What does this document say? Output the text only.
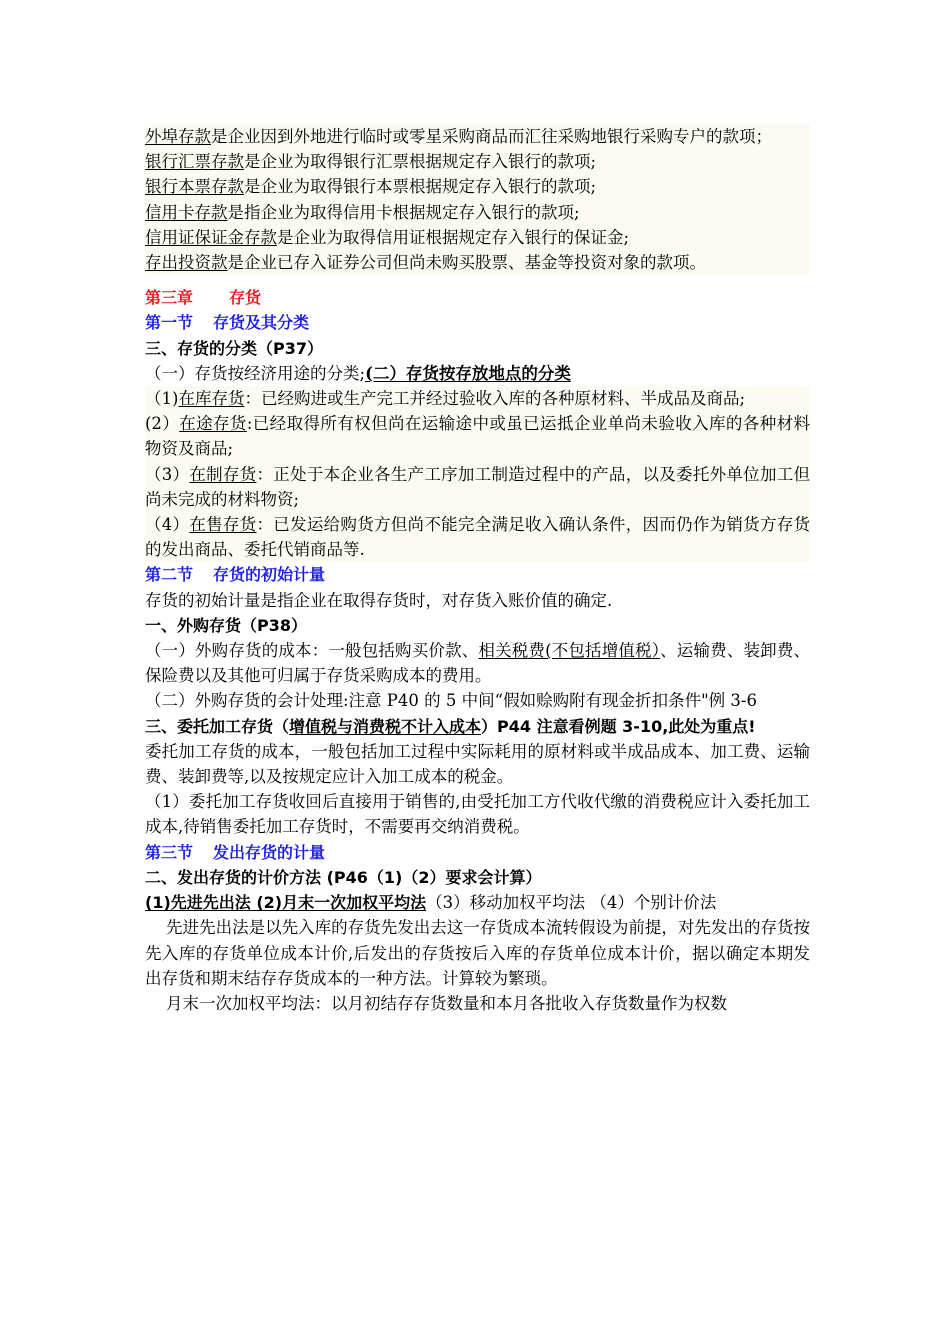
外埠存款是企业因到外地进行临时或零星采购商品而汇往采购地银行采购专户的款项；
银行汇票存款是企业为取得银行汇票根据规定存入银行的款项;
银行本票存款是企业为取得银行本票根据规定存入银行的款项;
信用卡存款是指企业为取得信用卡根据规定存入银行的款项;
信用证保证金存款是企业为取得信用证根据规定存入银行的保证金;
存出投资款是企业已存入证券公司但尚未购买股票、基金等投资对象的款项。
第三章 存货
第一节 存货及其分类
三、存货的分类（P37）
（一）存货按经济用途的分类;(二）存货按存放地点的分类
（1)在库存货：已经购进或生产完工并经过验收入库的各种原材料、半成品及商品;
(2）在途存货:已经取得所有权但尚在运输途中或虽已运抵企业单尚未验收入库的各种材料物资及商品;
（3）在制存货：正处于本企业各生产工序加工制造过程中的产品，以及委托外单位加工但尚未完成的材料物资;
（4）在售存货：已发运给购货方但尚不能完全满足收入确认条件，因而仍作为销货方存货的发出商品、委托代销商品等.
第二节 存货的初始计量
存货的初始计量是指企业在取得存货时，对存货入账价值的确定.
一、外购存货（P38）
（一）外购存货的成本：一般包括购买价款、相关税费(不包括增值税）、运输费、装卸费、保险费以及其他可归属于存货采购成本的费用。
（二）外购存货的会计处理:注意 P40 的 5 中间“假如赊购附有现金折扣条件"例 3-6
三、委托加工存货（增值税与消费税不计入成本）P44 注意看例题 3-10,此处为重点!
委托加工存货的成本，一般包括加工过程中实际耗用的原材料或半成品成本、加工费、运输费、装卸费等,以及按规定应计入加工成本的税金。
（1）委托加工存货收回后直接用于销售的,由受托加工方代收代缴的消费税应计入委托加工成本,待销售委托加工存货时，不需要再交纳消费税。
第三节 发出存货的计量
二、发出存货的计价方法 (P46（1)（2）要求会计算）
(1)先进先出法 (2)月末一次加权平均法（3）移动加权平均法 （4）个别计价法
先进先出法是以先入库的存货先发出去这一存货成本流转假设为前提，对先发出的存货按先入库的存货单位成本计价,后发出的存货按后入库的存货单位成本计价，据以确定本期发出存货和期末结存存货成本的一种方法。计算较为繁琐。
月末一次加权平均法：以月初结存存货数量和本月各批收入存货数量作为权数
